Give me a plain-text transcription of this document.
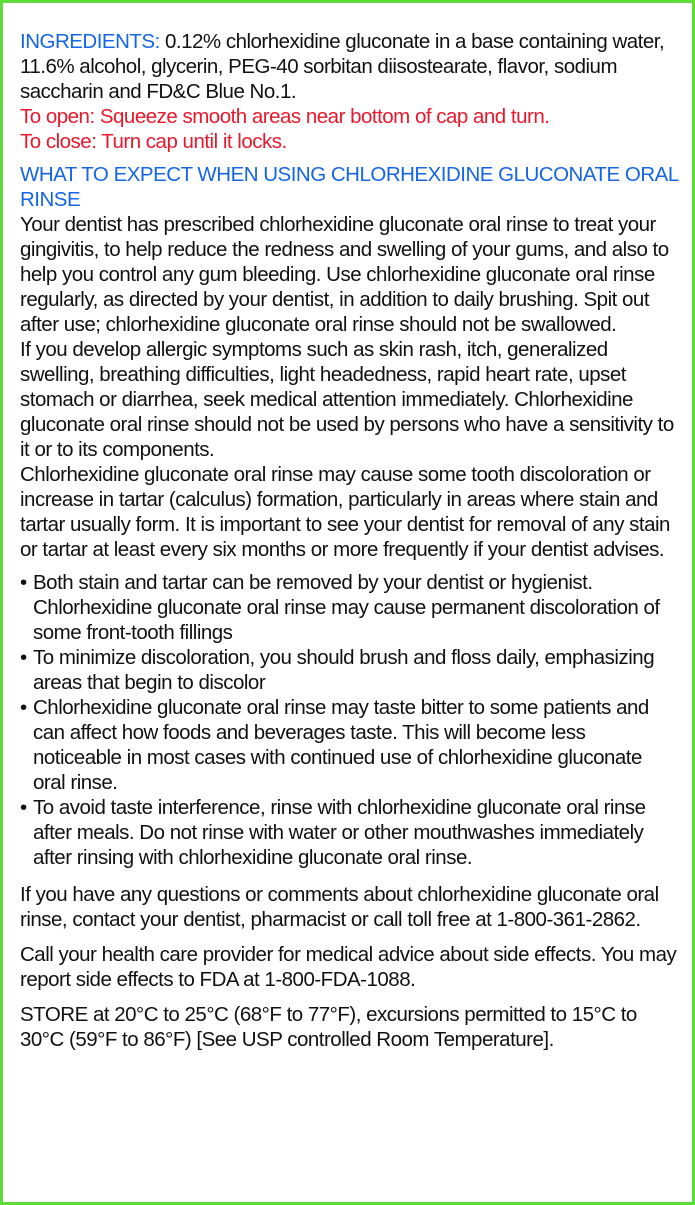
INGREDIENTS: 0.12% chlorhexidine gluconate in a base containing water, 11.6% alcohol, glycerin, PEG-40 sorbitan diisostearate, flavor, sodium saccharin and FD&C Blue No.1.

To open: Squeeze smooth areas near bottom of cap and turn.

To close: Turn cap until it locks.

WHAT TO EXPECT WHEN USING CHLORHEXIDINE GLUCONATE ORAL RINSE

Your dentist has prescribed chlorhexidine gluconate oral rinse to treat your gingivitis, to help reduce the redness and swelling of your gums, and also to help you control any gum bleeding. Use chlorhexidine gluconate oral rinse regularly, as directed by your dentist, in addition to daily brushing. Spit out after use; chlorhexidine gluconate oral rinse should not be swallowed.

If you develop allergic symptoms such as skin rash, itch, generalized swelling, breathing difficulties, light headedness, rapid heart rate, upset stomach or diarrhea, seek medical attention immediately. Chlorhexidine gluconate oral rinse should not be used by persons who have a sensitivity to it or to its components.

Chlorhexidine gluconate oral rinse may cause some tooth discoloration or increase in tartar (calculus) formation, particularly in areas where stain and tartar usually form. It is important to see your dentist for removal of any stain or tartar at least every six months or more frequently if your dentist advises.

• Both stain and tartar can be removed by your dentist or hygienist. Chlorhexidine gluconate oral rinse may cause permanent discoloration of some front-tooth fillings
• To minimize discoloration, you should brush and floss daily, emphasizing areas that begin to discolor
• Chlorhexidine gluconate oral rinse may taste bitter to some patients and can affect how foods and beverages taste. This will become less noticeable in most cases with continued use of chlorhexidine gluconate oral rinse.
• To avoid taste interference, rinse with chlorhexidine gluconate oral rinse after meals. Do not rinse with water or other mouthwashes immediately after rinsing with chlorhexidine gluconate oral rinse.

If you have any questions or comments about chlorhexidine gluconate oral rinse, contact your dentist, pharmacist or call toll free at 1-800-361-2862.

Call your health care provider for medical advice about side effects. You may report side effects to FDA at 1-800-FDA-1088.

STORE at 20°C to 25°C (68°F to 77°F), excursions permitted to 15°C to 30°C (59°F to 86°F) [See USP controlled Room Temperature].
